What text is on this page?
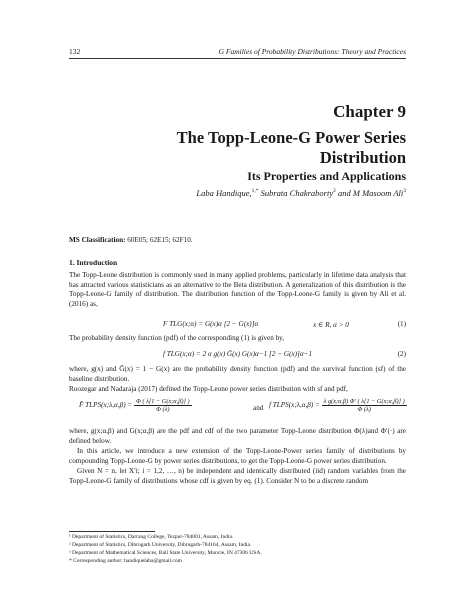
132	G Families of Probability Distributions: Theory and Practices
Chapter 9
The Topp-Leone-G Power Series
Distribution
Its Properties and Applications
Laba Handique,$^{1,*}$ Subrata Chakraborty$^2$ and M Masoom Ali$^3$
MS Classification: 60E05; 62E15; 62F10.
1. Introduction
The Topp-Leone distribution is commonly used in many applied problems, particularly in lifetime data analysis that has attracted various statisticians as an alternative to the Beta distribution. A generalization of this distribution is the Topp-Leone-G family of distribution. The distribution function of the Topp-Leone-G family is given by Ali et al. (2016) as,
F TLG(x;α) = G(x)α [2 − G(x)]α	x ∈ R, α > 0	(1)
The probability density function (pdf) of the corresponding (1) is given by,
f TLG(x;α) = 2 α g(x) Ḡ(x) G(x)α−1 [2 − G(x)]α−1	(2)
where, g(x) and Ḡ(x) = 1 − G(x) are the probability density function (pdf) and the survival function (sf) of the baseline distribution.
Roozegar and Nadaraja (2017) defined the Topp-Leone power series distribution with sf and pdf,
F̄ TLPS(x;λ,α,β) = $\frac{\Phi ( \lambda[1 - G(x;\alpha,\beta)] )}{\Phi (\lambda)}$	and f TLPS(x;λ,α,β) = $\frac{\text{λ g(x;α,β) Φ′ ( λ[1 − G(x;α,β)] )}}{\Phi (\lambda)}$
where, g(x;α,β) and G(x;α,β) are the pdf and cdf of the two parameter Topp-Leone distribution Φ(λ)and Φ′(·) are defined below.
In this article, we introduce a new extension of the Topp-Leone-Power series family of distributions by compounding Topp-Leone-G by power series distributions, to get the Topp-Leone-G power series distribution.
Given N = n, let X′i; i = 1,2, …, n) be independent and identically distributed (iid) random variables from the Topp-Leone-G family of distributions whose cdf is given by eq. (1). Consider N to be a discrete random
¹ Department of Statistics, Darrang College, Tezpur-784001, Assam, India.
² Department of Statistics, Dibrugarh University, Dibrugarh-784164, Assam, India.
³ Department of Mathematical Sciences, Ball State University, Muncie, IN 47306 USA.
* Corresponding author: handiquelaba@gmail.com
